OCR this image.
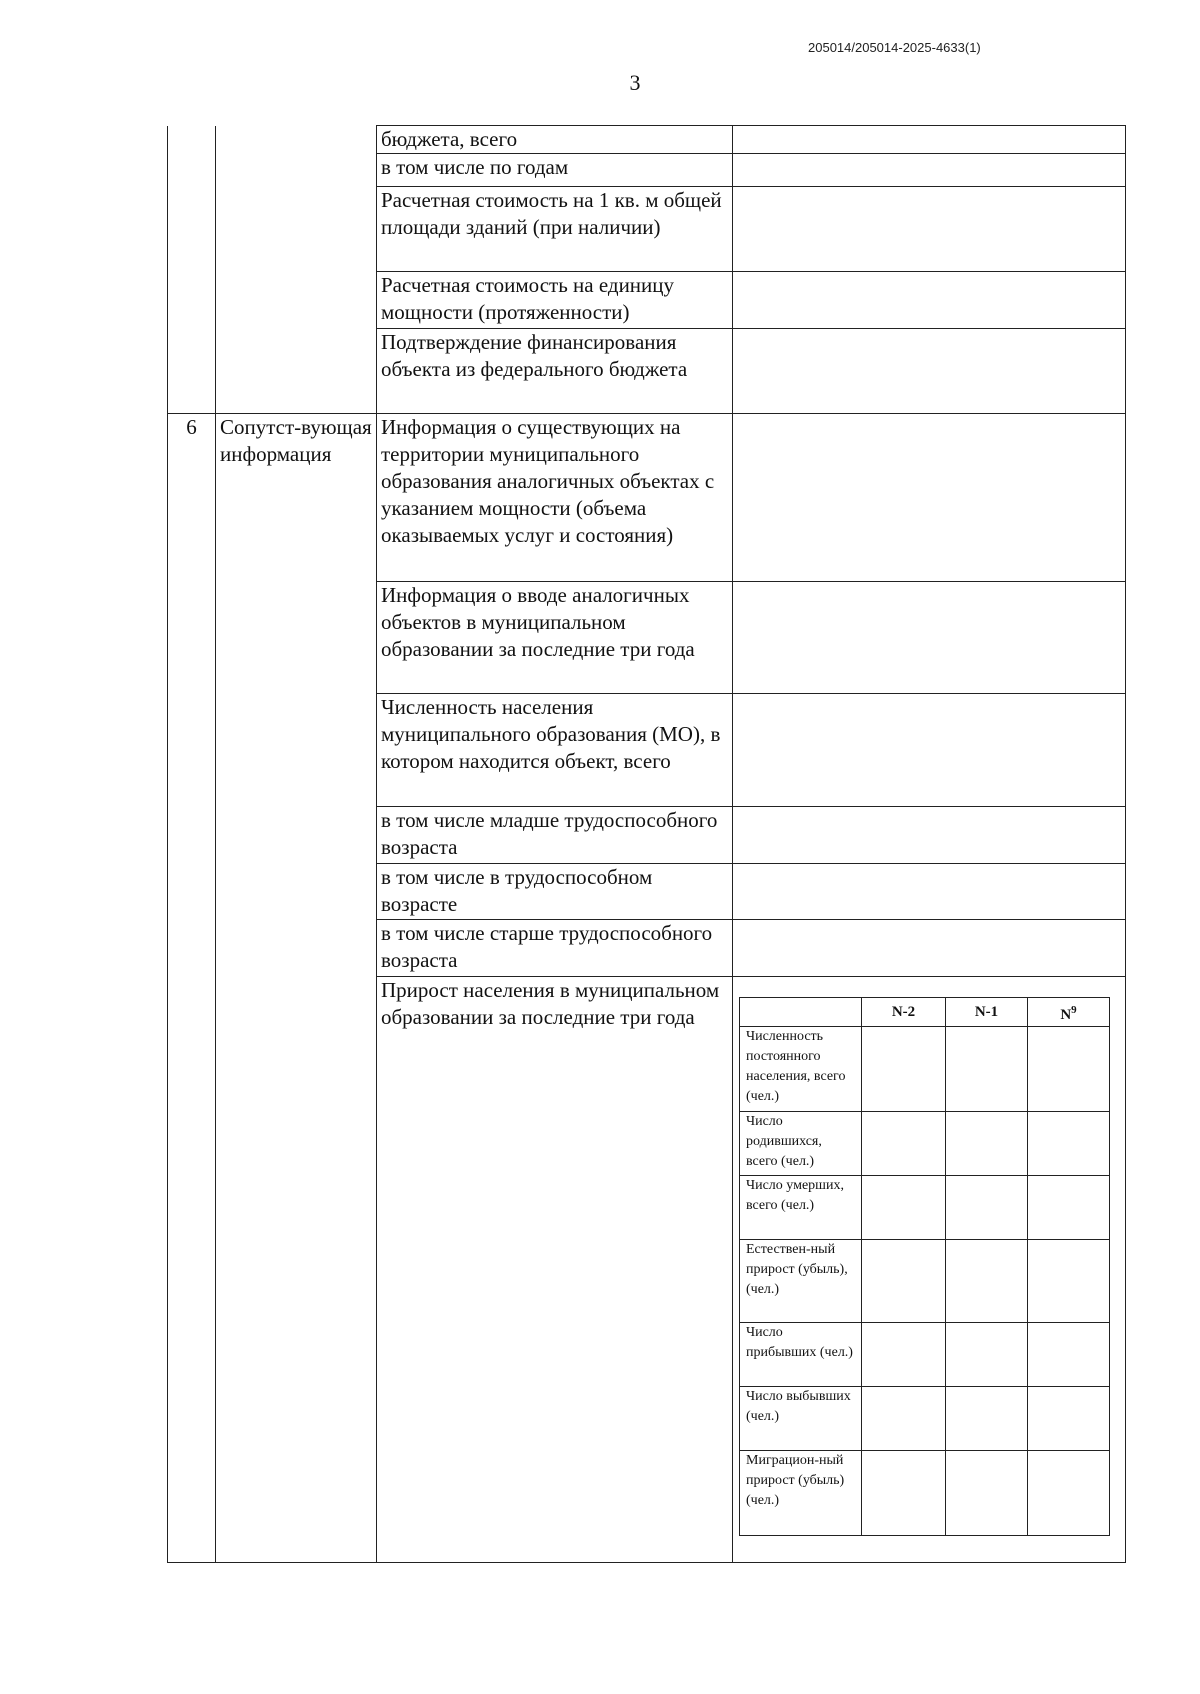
205014/205014-2025-4633(1)
3
		бюджета, всего	
в том числе по годам	
Расчетная стоимость на 1 кв. м общей площади зданий (при наличии)	
Расчетная стоимость на единицу мощности (протяженности)	
Подтверждение финансирования объекта из федерального бюджета	
6	Сопутст-вующая информация	Информация о существующих на территории муниципального образования аналогичных объектах с указанием мощности (объема оказываемых услуг и состояния)	
Информация о вводе аналогичных объектов в муниципальном образовании за последние три года	
Численность населения муниципального образования (МО), в котором находится объект, всего	
в том числе младше трудоспособного возраста	
в том числе в трудоспособном возрасте	
в том числе старше трудоспособного возраста	
Прирост населения в муниципальном образовании за последние три года	
		N-2	N-1	$N^9$
Численность постоянного населения, всего (чел.)			
Число родившихся, всего (чел.)			
Число умерших, всего (чел.)			
Естествен-ный прирост (убыль), (чел.)			
Число прибывших (чел.)			
Число выбывших (чел.)			
Миграцион-ный прирост (убыль) (чел.)			
